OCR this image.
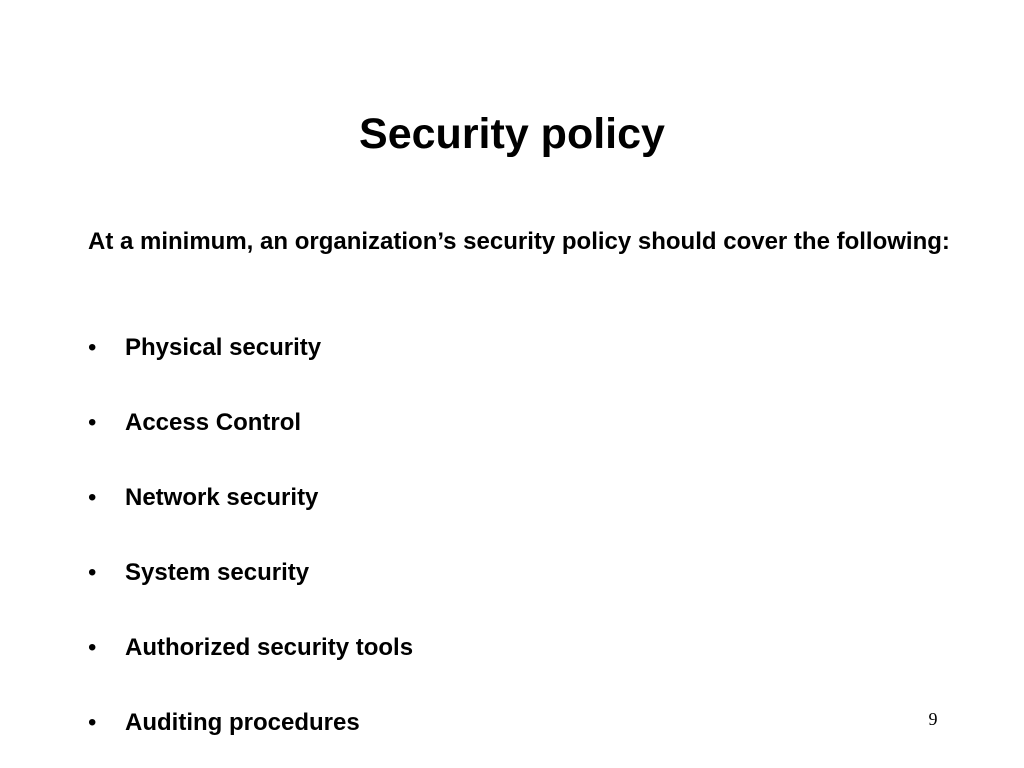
Security policy

At a minimum, an organization’s security policy should cover the following:

•	Physical security
•	Access Control
•	Network security
•	System security
•	Authorized security tools
•	Auditing procedures	9
